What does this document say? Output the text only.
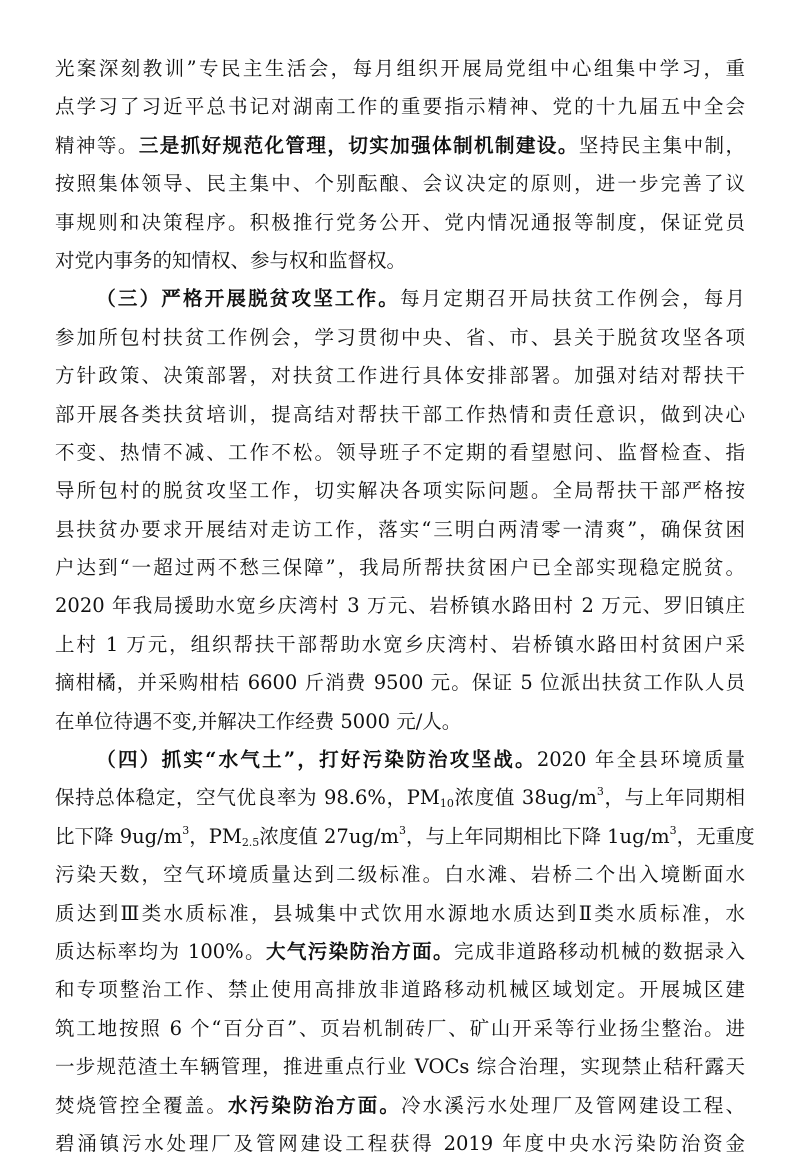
光案深刻教训”专民主生活会，每月组织开展局党组中心组集中学习，重
点学习了习近平总书记对湖南工作的重要指示精神、党的十九届五中全会
精神等。三是抓好规范化管理，切实加强体制机制建设。坚持民主集中制，
按照集体领导、民主集中、个别酝酿、会议决定的原则，进一步完善了议
事规则和决策程序。积极推行党务公开、党内情况通报等制度，保证党员
对党内事务的知情权、参与权和监督权。
（三）严格开展脱贫攻坚工作。每月定期召开局扶贫工作例会，每月
参加所包村扶贫工作例会，学习贯彻中央、省、市、县关于脱贫攻坚各项
方针政策、决策部署，对扶贫工作进行具体安排部署。加强对结对帮扶干
部开展各类扶贫培训，提高结对帮扶干部工作热情和责任意识，做到决心
不变、热情不减、工作不松。领导班子不定期的看望慰问、监督检查、指
导所包村的脱贫攻坚工作，切实解决各项实际问题。全局帮扶干部严格按
县扶贫办要求开展结对走访工作，落实“三明白两清零一清爽”，确保贫困
户达到“一超过两不愁三保障”，我局所帮扶贫困户已全部实现稳定脱贫。
2020 年我局援助水宽乡庆湾村 3 万元、岩桥镇水路田村 2 万元、罗旧镇庄
上村 1 万元，组织帮扶干部帮助水宽乡庆湾村、岩桥镇水路田村贫困户采
摘柑橘，并采购柑桔 6600 斤消费 9500 元。保证 5 位派出扶贫工作队人员
在单位待遇不变,并解决工作经费 5000 元/人。
（四）抓实“水气土”，打好污染防治攻坚战。2020 年全县环境质量
保持总体稳定，空气优良率为 98.6%，$PM_{10}$浓度值 $38ug/m^3$，与上年同期相
比下降 $9ug/m^3$，$PM_{2.5}$浓度值 $27ug/m^3$，与上年同期相比下降 $1ug/m^3$，无重度
污染天数，空气环境质量达到二级标准。白水滩、岩桥二个出入境断面水
质达到Ⅲ类水质标准，县城集中式饮用水源地水质达到Ⅱ类水质标准，水
质达标率均为 100%。大气污染防治方面。完成非道路移动机械的数据录入
和专项整治工作、禁止使用高排放非道路移动机械区域划定。开展城区建
筑工地按照 6 个“百分百”、页岩机制砖厂、矿山开采等行业扬尘整治。进
一步规范渣土车辆管理，推进重点行业 VOCs 综合治理，实现禁止秸秆露天
焚烧管控全覆盖。水污染防治方面。冷水溪污水处理厂及管网建设工程、
碧涌镇污水处理厂及管网建设工程获得 2019 年度中央水污染防治资金
